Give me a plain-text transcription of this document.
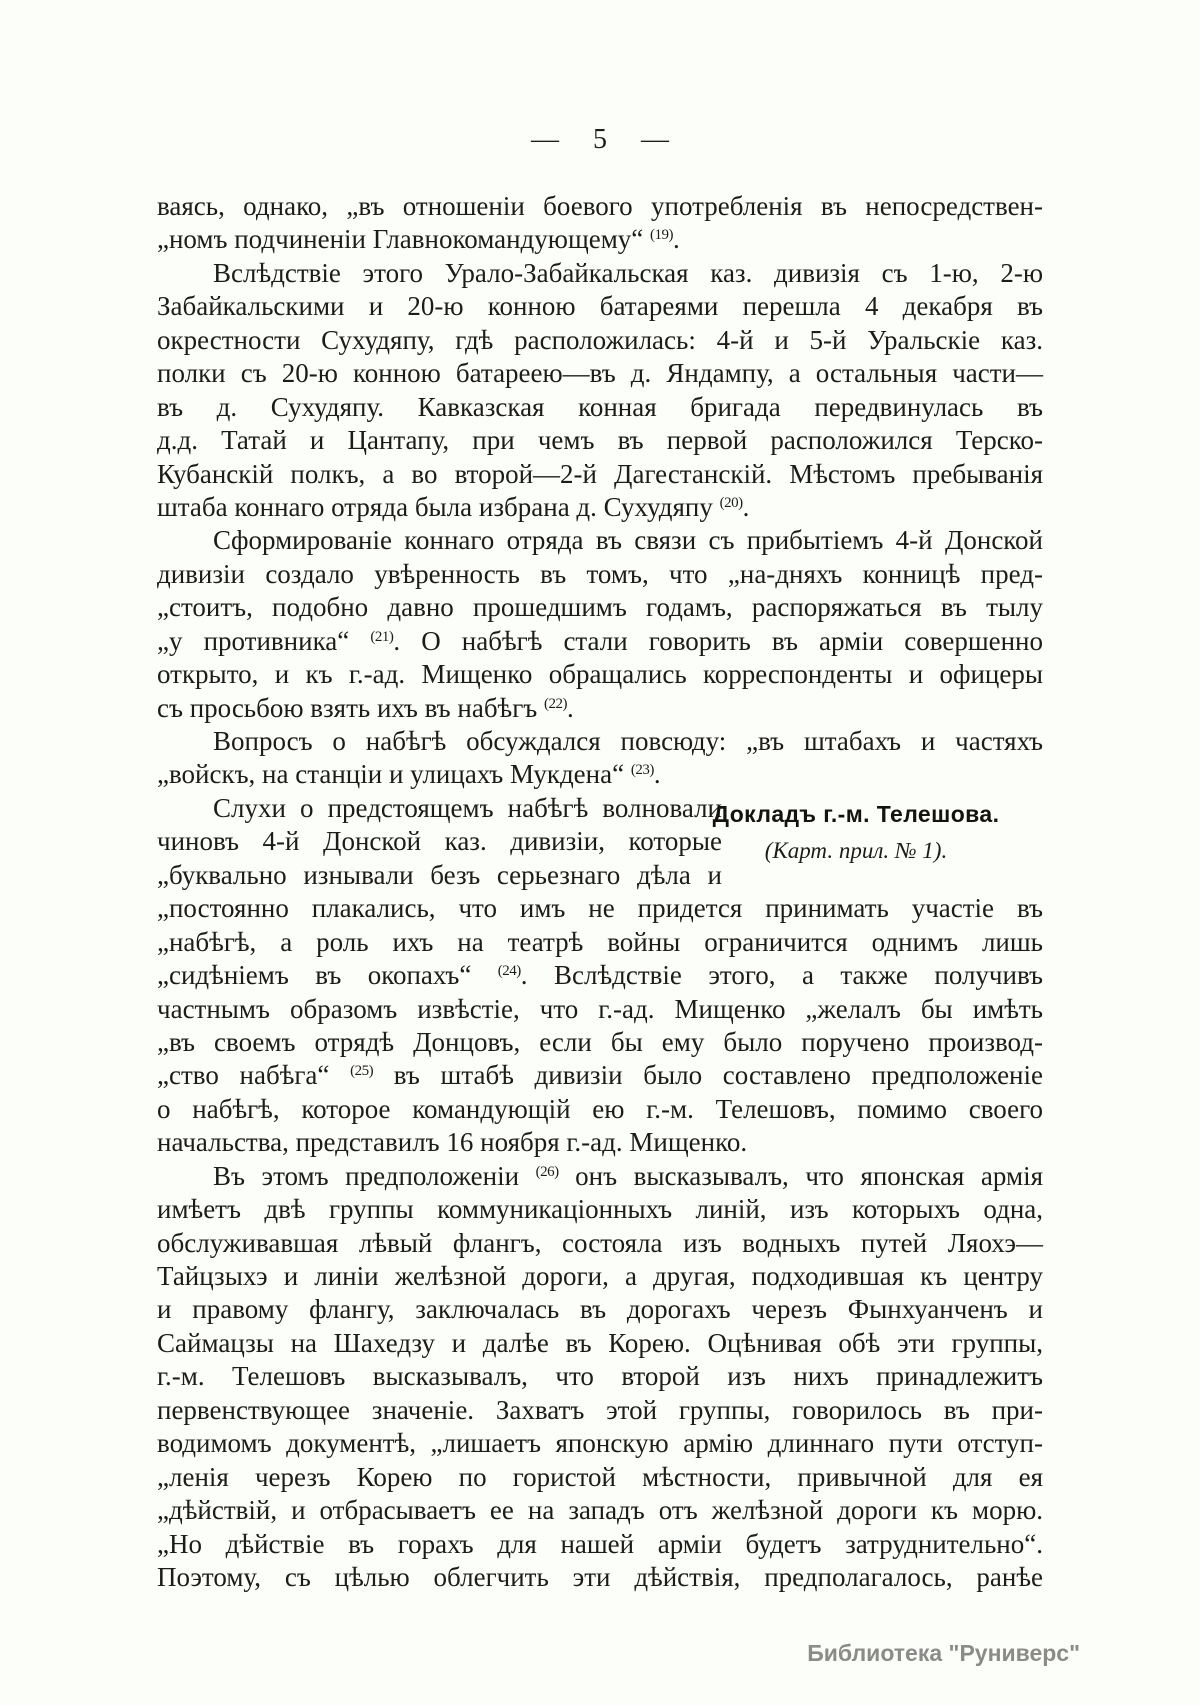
— 5 —
ваясь, однако, „въ отношеніи боевого употребленія въ непосредствен-
„номъ подчиненіи Главнокомандующему“ $^{(19)}$.
Вслѣдствіе этого Урало-Забайкальская каз. дивизія съ 1-ю, 2-ю
Забайкальскими и 20-ю конною батареями перешла 4 декабря въ
окрестности Сухудяпу, гдѣ расположилась: 4-й и 5-й Уральскіе каз.
полки съ 20-ю конною батареею—въ д. Яндампу, а остальныя части—
въ д. Сухудяпу. Кавказская конная бригада передвинулась въ
д.д. Татай и Цантапу, при чемъ въ первой расположился Терско-
Кубанскій полкъ, а во второй—2-й Дагестанскій. Мѣстомъ пребыванія
штаба коннаго отряда была избрана д. Сухудяпу $^{(20)}$.
Сформированіе коннаго отряда въ связи съ прибытіемъ 4-й Донской
дивизіи создало увѣренность въ томъ, что „на-дняхъ конницѣ пред-
„стоитъ, подобно давно прошедшимъ годамъ, распоряжаться въ тылу
„у противника“ $^{(21)}$. О набѣгѣ стали говорить въ арміи совершенно
открыто, и къ г.-ад. Мищенко обращались корреспонденты и офицеры
съ просьбою взять ихъ въ набѣгъ $^{(22)}$.
Вопросъ о набѣгѣ обсуждался повсюду: „въ штабахъ и частяхъ
„войскъ, на станціи и улицахъ Мукдена“ $^{(23)}$.
Слухи о предстоящемъ набѣгѣ волновали
чиновъ 4-й Донской каз. дивизіи, которые
„буквально изнывали безъ серьезнаго дѣла и
„постоянно плакались, что имъ не придется принимать участіе въ
„набѣгѣ, а роль ихъ на театрѣ войны ограничится однимъ лишь
„сидѣніемъ въ окопахъ“ $^{(24)}$. Вслѣдствіе этого, а также получивъ
частнымъ образомъ извѣстіе, что г.-ад. Мищенко „желалъ бы имѣть
„въ своемъ отрядѣ Донцовъ, если бы ему было поручено производ-
„ство набѣга“ $^{(25)}$ въ штабѣ дивизіи было составлено предположеніе
о набѣгѣ, которое командующій ею г.-м. Телешовъ, помимо своего
начальства, представилъ 16 ноября г.-ад. Мищенко.
Въ этомъ предположеніи $^{(26)}$ онъ высказывалъ, что японская армія
имѣетъ двѣ группы коммуникаціонныхъ линій, изъ которыхъ одна,
обслуживавшая лѣвый флангъ, состояла изъ водныхъ путей Ляохэ—
Тайцзыхэ и линіи желѣзной дороги, а другая, подходившая къ центру
и правому флангу, заключалась въ дорогахъ черезъ Фынхуанченъ и
Саймацзы на Шахедзу и далѣе въ Корею. Оцѣнивая обѣ эти группы,
г.-м. Телешовъ высказывалъ, что второй изъ нихъ принадлежитъ
первенствующее значеніе. Захватъ этой группы, говорилось въ при-
водимомъ документѣ, „лишаетъ японскую армію длиннаго пути отступ-
„ленія черезъ Корею по гористой мѣстности, привычной для ея
„дѣйствій, и отбрасываетъ ее на западъ отъ желѣзной дороги къ морю.
„Но дѣйствіе въ горахъ для нашей арміи будетъ затруднительно“.
Поэтому, съ цѣлью облегчить эти дѣйствія, предполагалось, ранѣе
Докладъ г.-м. Телешова.
(Карт. прил. № 1).
Библиотека "Руниверс"
